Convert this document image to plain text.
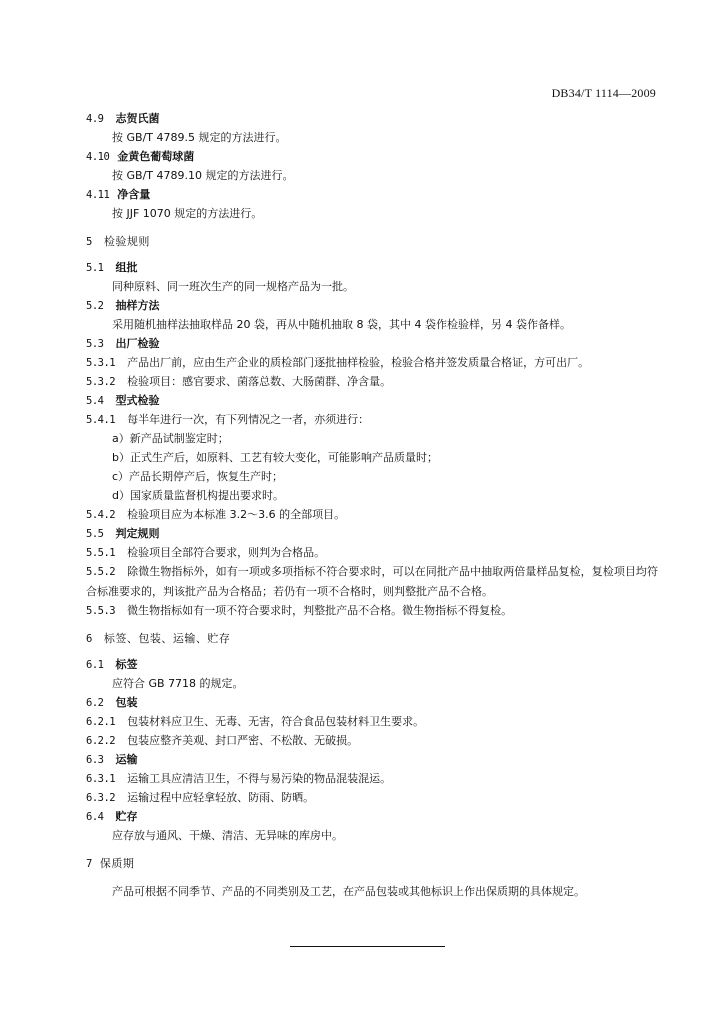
DB34/T 1114—2009
4.9 志贺氏菌
按 GB/T 4789.5 规定的方法进行。
4.10 金黄色葡萄球菌
按 GB/T 4789.10 规定的方法进行。
4.11 净含量
按 JJF 1070 规定的方法进行。
5 检验规则
5.1 组批
同种原料、同一班次生产的同一规格产品为一批。
5.2 抽样方法
采用随机抽样法抽取样品 20 袋，再从中随机抽取 8 袋，其中 4 袋作检验样，另 4 袋作备样。
5.3 出厂检验
5.3.1 产品出厂前，应由生产企业的质检部门逐批抽样检验，检验合格并签发质量合格证，方可出厂。
5.3.2 检验项目：感官要求、菌落总数、大肠菌群、净含量。
5.4 型式检验
5.4.1 每半年进行一次，有下列情况之一者，亦须进行：
a）新产品试制鉴定时；
b）正式生产后，如原料、工艺有较大变化，可能影响产品质量时；
c）产品长期停产后，恢复生产时；
d）国家质量监督机构提出要求时。
5.4.2 检验项目应为本标准 3.2～3.6 的全部项目。
5.5 判定规则
5.5.1 检验项目全部符合要求，则判为合格品。
5.5.2 除微生物指标外，如有一项或多项指标不符合要求时，可以在同批产品中抽取两倍量样品复检，复检项目均符合标准要求的，判该批产品为合格品；若仍有一项不合格时，则判整批产品不合格。
5.5.3 微生物指标如有一项不符合要求时，判整批产品不合格。微生物指标不得复检。
6 标签、包装、运输、贮存
6.1 标签
应符合 GB 7718 的规定。
6.2 包装
6.2.1 包装材料应卫生、无毒、无害，符合食品包装材料卫生要求。
6.2.2 包装应整齐美观、封口严密、不松散、无破损。
6.3 运输
6.3.1 运输工具应清洁卫生，不得与易污染的物品混装混运。
6.3.2 运输过程中应轻拿轻放、防雨、防晒。
6.4 贮存
应存放与通风、干燥、清洁、无异味的库房中。
7 保质期
产品可根据不同季节、产品的不同类别及工艺，在产品包装或其他标识上作出保质期的具体规定。
